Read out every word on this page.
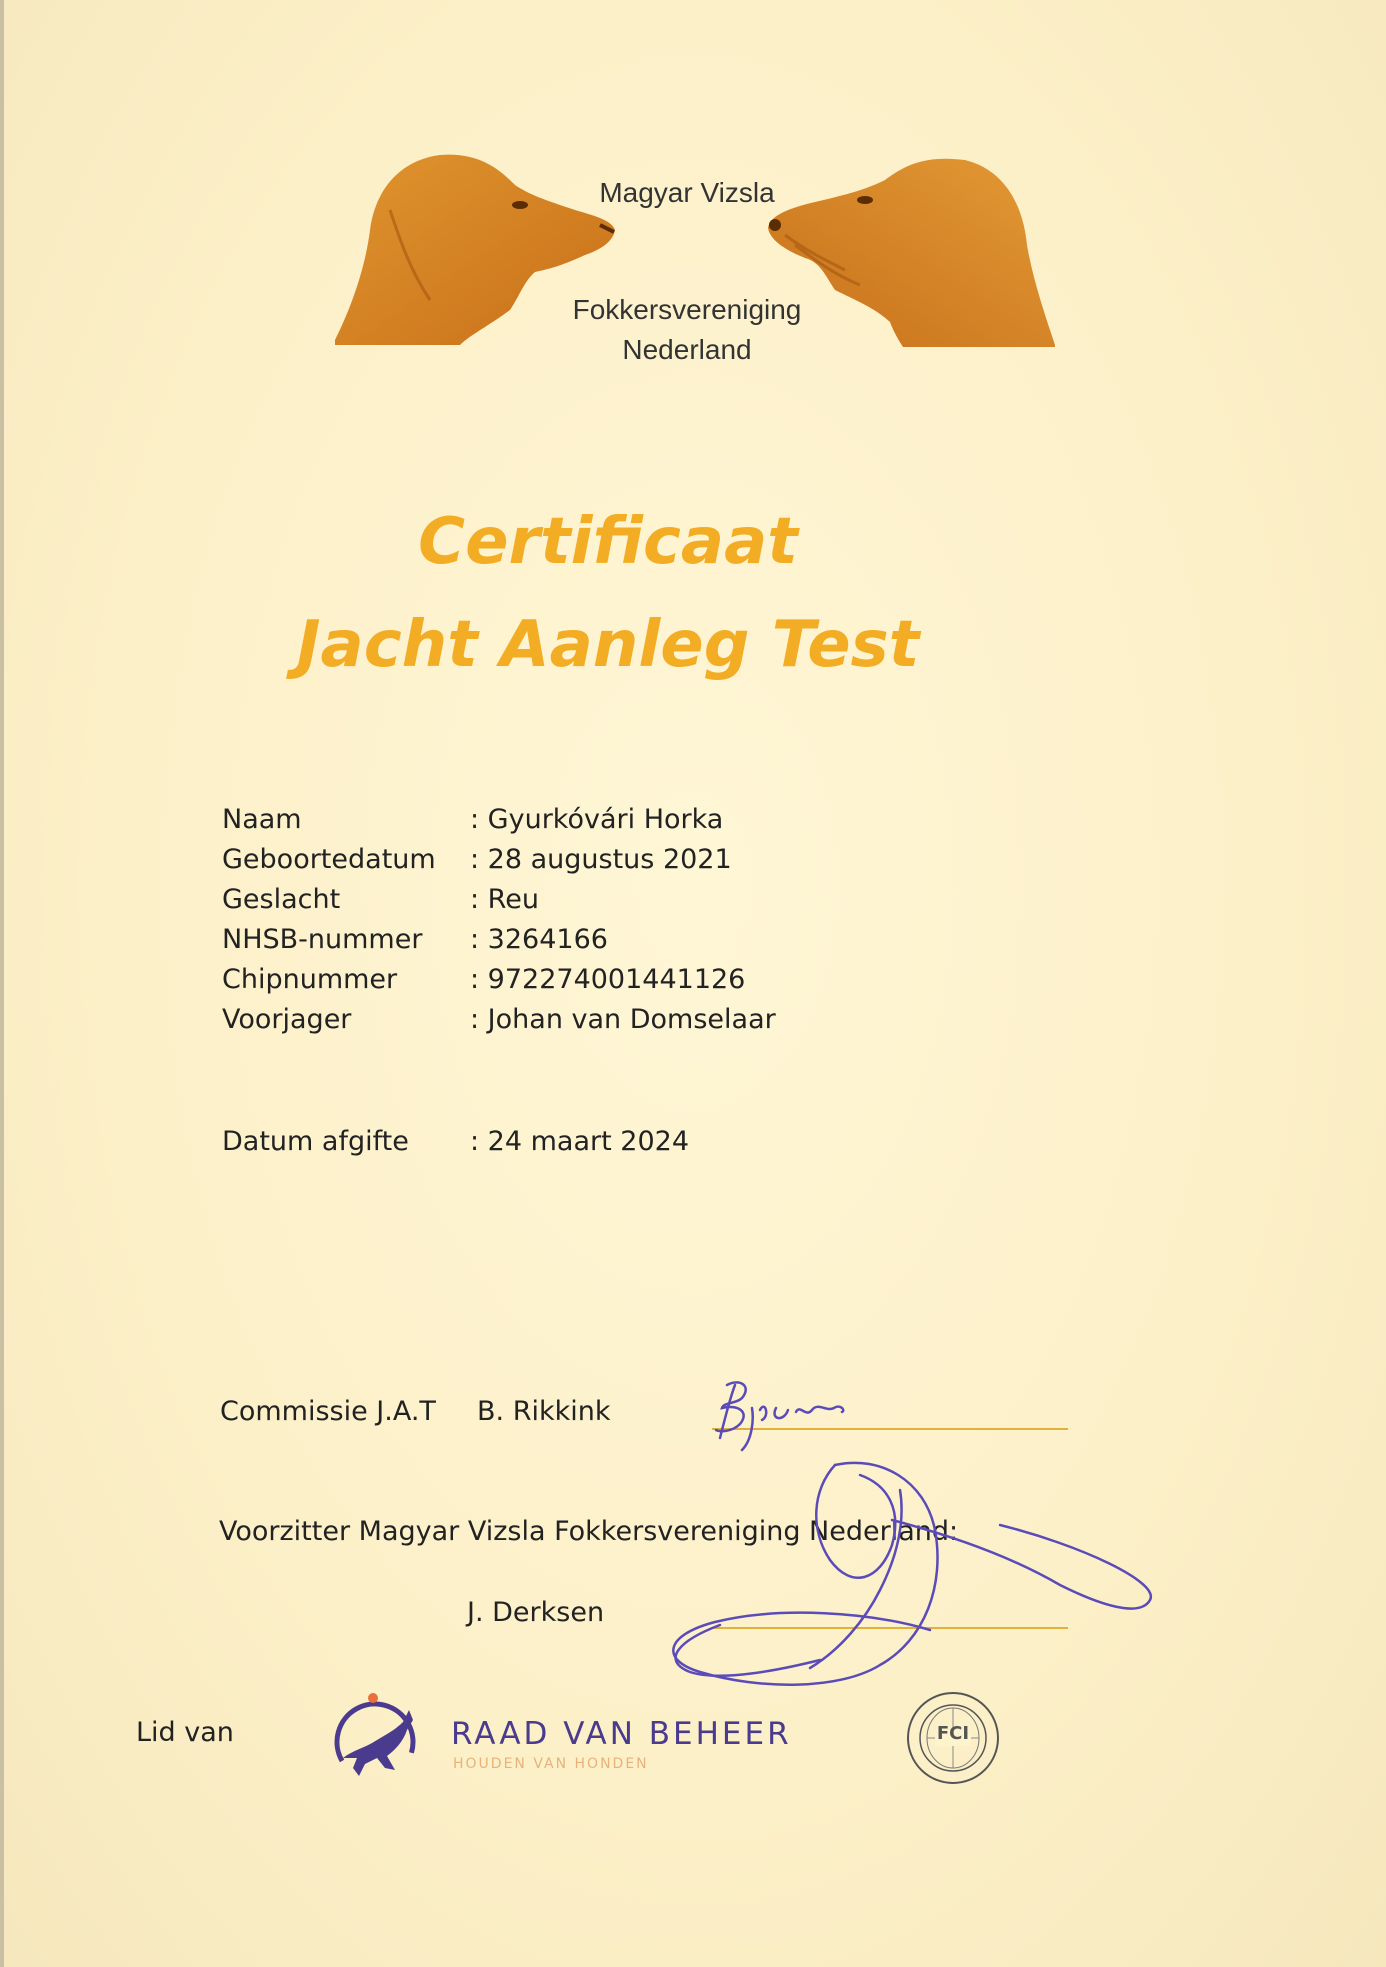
Magyar Vizsla
Fokkersvereniging
Nederland
Certificaat
Jacht Aanleg Test
Naam	: Gyurkóvári Horka
Geboortedatum : 28 augustus 2021
Geslacht	: Reu
NHSB-nummer : 3264166
Chipnummer	: 972274001441126
Voorjager	: Johan van Domselaar
Datum afgifte : 24 maart 2024
Commissie J.A.T B. Rikkink
Voorzitter Magyar Vizsla Fokkersvereniging Nederland:
J. Derksen
Lid van	RAAD VAN BEHEER
HOUDEN VAN HONDEN
FCI
